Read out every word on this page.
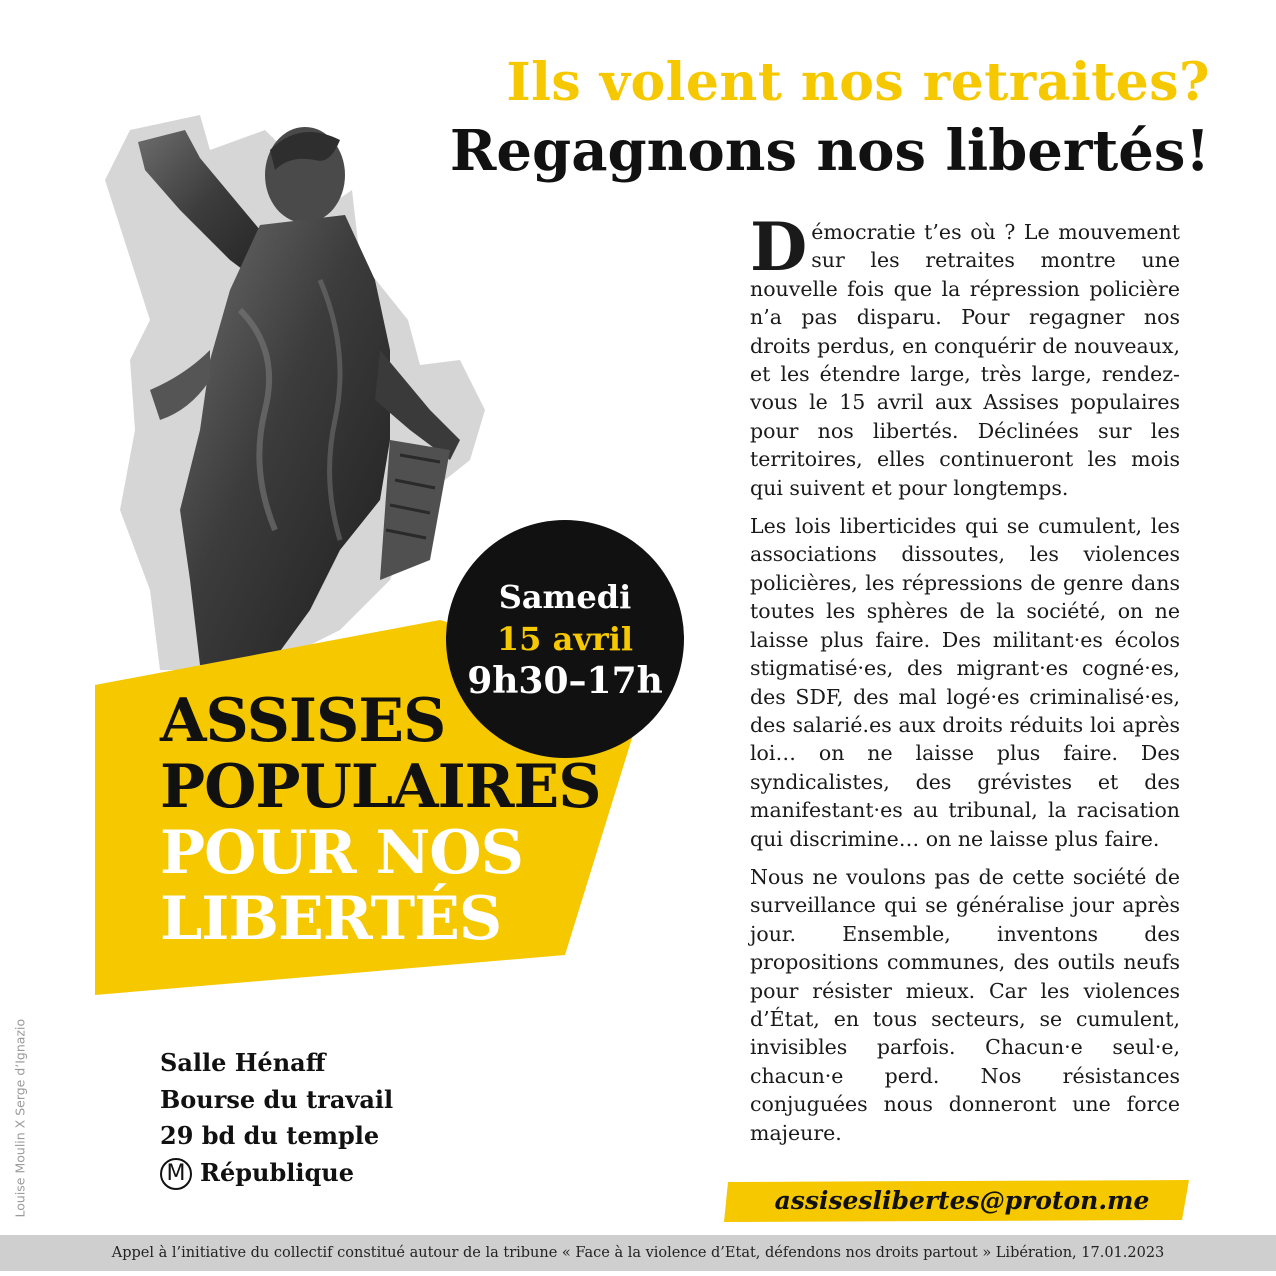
Ils volent nos retraites?
Regagnons nos libertés!
Samedi
15 avril
9h30–17h
ASSISES
POPULAIRES
POUR NOS
LIBERTÉS
Salle Hénaff
Bourse du travail
29 bd du temple
M République
Louise Moulin X Serge d’Ignazio

Démocratie t’es où ? Le mouvement sur les retraites montre une nouvelle fois que la répression policière n’a pas disparu. Pour regagner nos droits perdus, en conquérir de nouveaux, et les étendre large, très large, rendez-vous le 15 avril aux Assises populaires pour nos libertés. Déclinées sur les territoires, elles continueront les mois qui suivent et pour longtemps.

Les lois liberticides qui se cumulent, les associations dissoutes, les violences policières, les répressions de genre dans toutes les sphères de la société, on ne laisse plus faire. Des militant·es écolos stigmatisé·es, des migrant·es cogné·es, des SDF, des mal logé·es criminalisé·es, des salarié.es aux droits réduits loi après loi… on ne laisse plus faire. Des syndicalistes, des grévistes et des manifestant·es au tribunal, la racisation qui discrimine… on ne laisse plus faire.

Nous ne voulons pas de cette société de surveillance qui se généralise jour après jour. Ensemble, inventons des propositions communes, des outils neufs pour résister mieux. Car les violences d’État, en tous secteurs, se cumulent, invisibles parfois. Chacun·e seul·e, chacun·e perd. Nos résistances conjuguées nous donneront une force majeure.

assiseslibertes@proton.me
Appel à l’initiative du collectif constitué autour de la tribune « Face à la violence d’Etat, défendons nos droits partout » Libération, 17.01.2023
